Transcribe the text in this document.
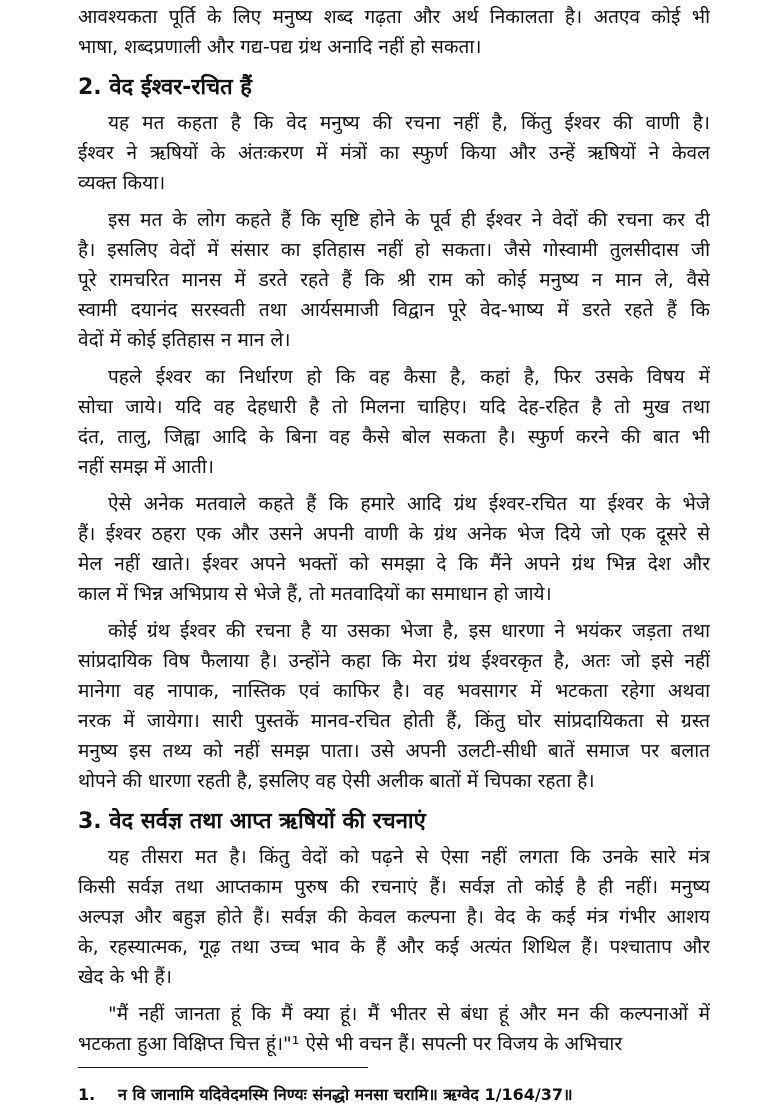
आवश्यकता पूर्ति के लिए मनुष्य शब्द गढ़ता और अर्थ निकालता है। अतएव कोई भी
भाषा, शब्दप्रणाली और गद्य-पद्य ग्रंथ अनादि नहीं हो सकता।
2. वेद ईश्वर-रचित हैं
यह मत कहता है कि वेद मनुष्य की रचना नहीं है, किंतु ईश्वर की वाणी है।
ईश्वर ने ऋषियों के अंतःकरण में मंत्रों का स्फुर्ण किया और उन्हें ऋषियों ने केवल
व्यक्त किया।
इस मत के लोग कहते हैं कि सृष्टि होने के पूर्व ही ईश्वर ने वेदों की रचना कर दी
है। इसलिए वेदों में संसार का इतिहास नहीं हो सकता। जैसे गोस्वामी तुलसीदास जी
पूरे रामचरित मानस में डरते रहते हैं कि श्री राम को कोई मनुष्य न मान ले, वैसे
स्वामी दयानंद सरस्वती तथा आर्यसमाजी विद्वान पूरे वेद-भाष्य में डरते रहते हैं कि
वेदों में कोई इतिहास न मान ले।
पहले ईश्वर का निर्धारण हो कि वह कैसा है, कहां है, फिर उसके विषय में
सोचा जाये। यदि वह देहधारी है तो मिलना चाहिए। यदि देह-रहित है तो मुख तथा
दंत, तालु, जिह्वा आदि के बिना वह कैसे बोल सकता है। स्फुर्ण करने की बात भी
नहीं समझ में आती।
ऐसे अनेक मतवाले कहते हैं कि हमारे आदि ग्रंथ ईश्वर-रचित या ईश्वर के भेजे
हैं। ईश्वर ठहरा एक और उसने अपनी वाणी के ग्रंथ अनेक भेज दिये जो एक दूसरे से
मेल नहीं खाते। ईश्वर अपने भक्तों को समझा दे कि मैंने अपने ग्रंथ भिन्न देश और
काल में भिन्न अभिप्राय से भेजे हैं, तो मतवादियों का समाधान हो जाये।
कोई ग्रंथ ईश्वर की रचना है या उसका भेजा है, इस धारणा ने भयंकर जड़ता तथा
सांप्रदायिक विष फैलाया है। उन्होंने कहा कि मेरा ग्रंथ ईश्वरकृत है, अतः जो इसे नहीं
मानेगा वह नापाक, नास्तिक एवं काफिर है। वह भवसागर में भटकता रहेगा अथवा
नरक में जायेगा। सारी पुस्तकें मानव-रचित होती हैं, किंतु घोर सांप्रदायिकता से ग्रस्त
मनुष्य इस तथ्य को नहीं समझ पाता। उसे अपनी उलटी-सीधी बातें समाज पर बलात
थोपने की धारणा रहती है, इसलिए वह ऐसी अलीक बातों में चिपका रहता है।
3. वेद सर्वज्ञ तथा आप्त ऋषियों की रचनाएं
यह तीसरा मत है। किंतु वेदों को पढ़ने से ऐसा नहीं लगता कि उनके सारे मंत्र
किसी सर्वज्ञ तथा आप्तकाम पुरुष की रचनाएं हैं। सर्वज्ञ तो कोई है ही नहीं। मनुष्य
अल्पज्ञ और बहुज्ञ होते हैं। सर्वज्ञ की केवल कल्पना है। वेद के कई मंत्र गंभीर आशय
के, रहस्यात्मक, गूढ़ तथा उच्च भाव के हैं और कई अत्यंत शिथिल हैं। पश्चाताप और
खेद के भी हैं।
"मैं नहीं जानता हूं कि मैं क्या हूं। मैं भीतर से बंधा हूं और मन की कल्पनाओं में
भटकता हुआ विक्षिप्त चित्त हूं।"¹ ऐसे भी वचन हैं। सपत्नी पर विजय के अभिचार
1. न वि जानामि यदिवेदमस्मि निण्यः संनद्धो मनसा चरामि॥ ऋग्वेद 1/164/37॥
